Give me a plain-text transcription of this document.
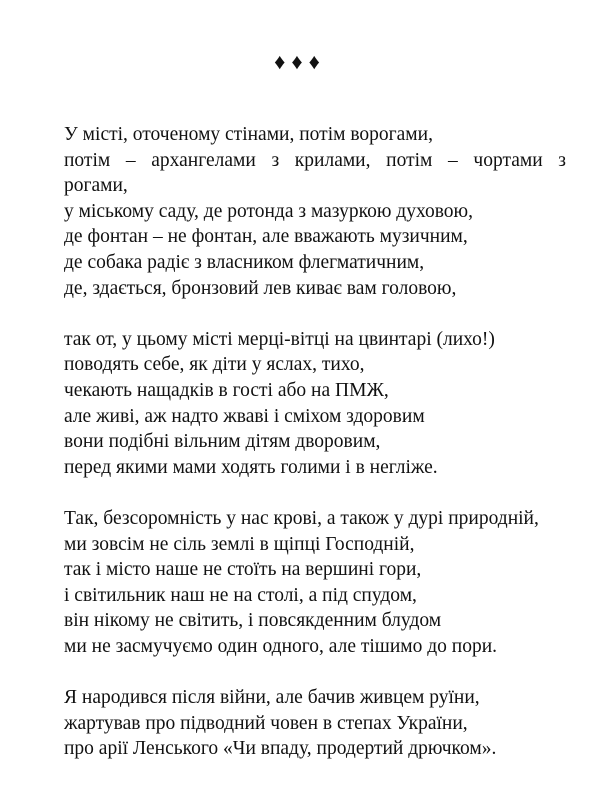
♦♦♦
У місті, оточеному стінами, потім ворогами,
потім – архангелами з крилами, потім – чортами з
рогами,
у міському саду, де ротонда з мазуркою духовою,
де фонтан – не фонтан, але вважають музичним,
де собака радіє з власником флегматичним,
де, здається, бронзовий лев киває вам головою,
так от, у цьому місті мерці-вітці на цвинтарі (лихо!)
поводять себе, як діти у яслах, тихо,
чекають нащадків в гості або на ПМЖ,
але живі, аж надто жваві і сміхом здоровим
вони подібні вільним дітям дворовим,
перед якими мами ходять голими і в негліже.
Так, безсоромність у нас крові, а також у дурі природній,
ми зовсім не сіль землі в щіпці Господній,
так і місто наше не стоїть на вершині гори,
і світильник наш не на столі, а під спудом,
він нікому не світить, і повсякденним блудом
ми не засмучуємо один одного, але тішимо до пори.
Я народився після війни, але бачив живцем руїни,
жартував про підводний човен в степах України,
про арії Ленського «Чи впаду, продертий дрючком».
